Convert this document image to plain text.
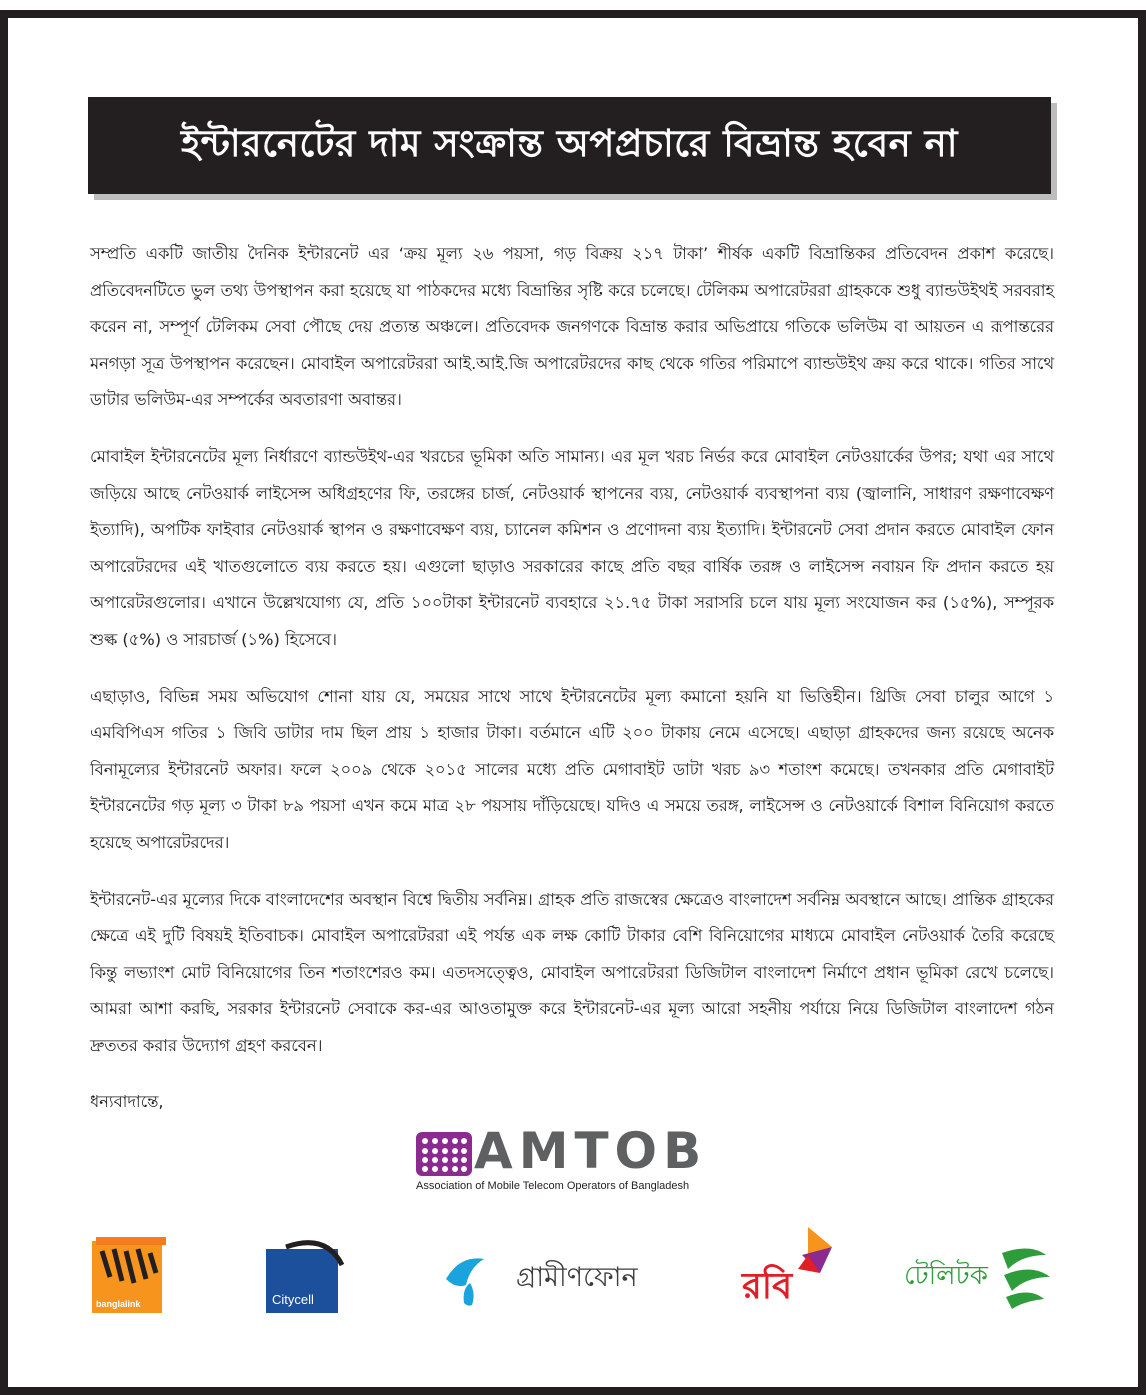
ইন্টারনেটের দাম সংক্রান্ত অপপ্রচারে বিভ্রান্ত হবেন না

সম্প্রতি একটি জাতীয় দৈনিক ইন্টারনেট এর ‘ক্রয় মূল্য ২৬ পয়সা, গড় বিক্রয় ২১৭ টাকা’ শীর্ষক একটি বিভ্রান্তিকর প্রতিবেদন প্রকাশ করেছে। প্রতিবেদনটিতে ভুল তথ্য উপস্থাপন করা হয়েছে যা পাঠকদের মধ্যে বিভ্রান্তির সৃষ্টি করে চলেছে। টেলিকম অপারেটররা গ্রাহককে শুধু ব্যান্ডউইথই সরবরাহ করেন না, সম্পূর্ণ টেলিকম সেবা পৌছে দেয় প্রত্যন্ত অঞ্চলে। প্রতিবেদক জনগণকে বিভ্রান্ত করার অভিপ্রায়ে গতিকে ভলিউম বা আয়তন এ রূপান্তরের মনগড়া সূত্র উপস্থাপন করেছেন। মোবাইল অপারেটররা আই.আই.জি অপারেটরদের কাছ থেকে গতির পরিমাপে ব্যান্ডউইথ ক্রয় করে থাকে। গতির সাথে ডাটার ভলিউম-এর সম্পর্কের অবতারণা অবান্তর।

মোবাইল ইন্টারনেটের মূল্য নির্ধারণে ব্যান্ডউইথ-এর খরচের ভূমিকা অতি সামান্য। এর মূল খরচ নির্ভর করে মোবাইল নেটওয়ার্কের উপর; যথা এর সাথে জড়িয়ে আছে নেটওয়ার্ক লাইসেন্স অধিগ্রহণের ফি, তরঙ্গের চার্জ, নেটওয়ার্ক স্থাপনের ব্যয়, নেটওয়ার্ক ব্যবস্থাপনা ব্যয় (জ্বালানি, সাধারণ রক্ষণাবেক্ষণ ইত্যাদি), অপটিক ফাইবার নেটওয়ার্ক স্থাপন ও রক্ষণাবেক্ষণ ব্যয়, চ্যানেল কমিশন ও প্রণোদনা ব্যয় ইত্যাদি। ইন্টারনেট সেবা প্রদান করতে মোবাইল ফোন অপারেটরদের এই খাতগুলোতে ব্যয় করতে হয়। এগুলো ছাড়াও সরকারের কাছে প্রতি বছর বার্ষিক তরঙ্গ ও লাইসেন্স নবায়ন ফি প্রদান করতে হয় অপারেটরগুলোর। এখানে উল্লেখযোগ্য যে, প্রতি ১০০টাকা ইন্টারনেট ব্যবহারে ২১.৭৫ টাকা সরাসরি চলে যায় মূল্য সংযোজন কর (১৫%), সম্পূরক শুল্ক (৫%) ও সারচার্জ (১%) হিসেবে।

এছাড়াও, বিভিন্ন সময় অভিযোগ শোনা যায় যে, সময়ের সাথে সাথে ইন্টারনেটের মূল্য কমানো হয়নি যা ভিত্তিহীন। থ্রিজি সেবা চালুর আগে ১ এমবিপিএস গতির ১ জিবি ডাটার দাম ছিল প্রায় ১ হাজার টাকা। বর্তমানে এটি ২০০ টাকায় নেমে এসেছে। এছাড়া গ্রাহকদের জন্য রয়েছে অনেক বিনামূল্যের ইন্টারনেট অফার। ফলে ২০০৯ থেকে ২০১৫ সালের মধ্যে প্রতি মেগাবাইট ডাটা খরচ ৯৩ শতাংশ কমেছে। তখনকার প্রতি মেগাবাইট ইন্টারনেটের গড় মূল্য ৩ টাকা ৮৯ পয়সা এখন কমে মাত্র ২৮ পয়সায় দাঁড়িয়েছে। যদিও এ সময়ে তরঙ্গ, লাইসেন্স ও নেটওয়ার্কে বিশাল বিনিয়োগ করতে হয়েছে অপারেটরদের।

ইন্টারনেট-এর মূল্যের দিকে বাংলাদেশের অবস্থান বিশ্বে দ্বিতীয় সর্বনিম্ন। গ্রাহক প্রতি রাজস্বের ক্ষেত্রেও বাংলাদেশ সর্বনিম্ন অবস্থানে আছে। প্রান্তিক গ্রাহকের ক্ষেত্রে এই দুটি বিষয়ই ইতিবাচক। মোবাইল অপারেটররা এই পর্যন্ত এক লক্ষ কোটি টাকার বেশি বিনিয়োগের মাধ্যমে মোবাইল নেটওয়ার্ক তৈরি করেছে কিন্তু লভ্যাংশ মোট বিনিয়োগের তিন শতাংশেরও কম। এতদসত্ত্বেও, মোবাইল অপারেটররা ডিজিটাল বাংলাদেশ নির্মাণে প্রধান ভূমিকা রেখে চলেছে। আমরা আশা করছি, সরকার ইন্টারনেট সেবাকে কর-এর আওতামুক্ত করে ইন্টারনেট-এর মূল্য আরো সহনীয় পর্যায়ে নিয়ে ডিজিটাল বাংলাদেশ গঠন দ্রুততর করার উদ্যোগ গ্রহণ করবেন।

ধন্যবাদান্তে,
AMTOB
Association of Mobile Telecom Operators of Bangladesh
banglalink	Citycell
গ্রামীণফোন	রবি	টেলিটক
